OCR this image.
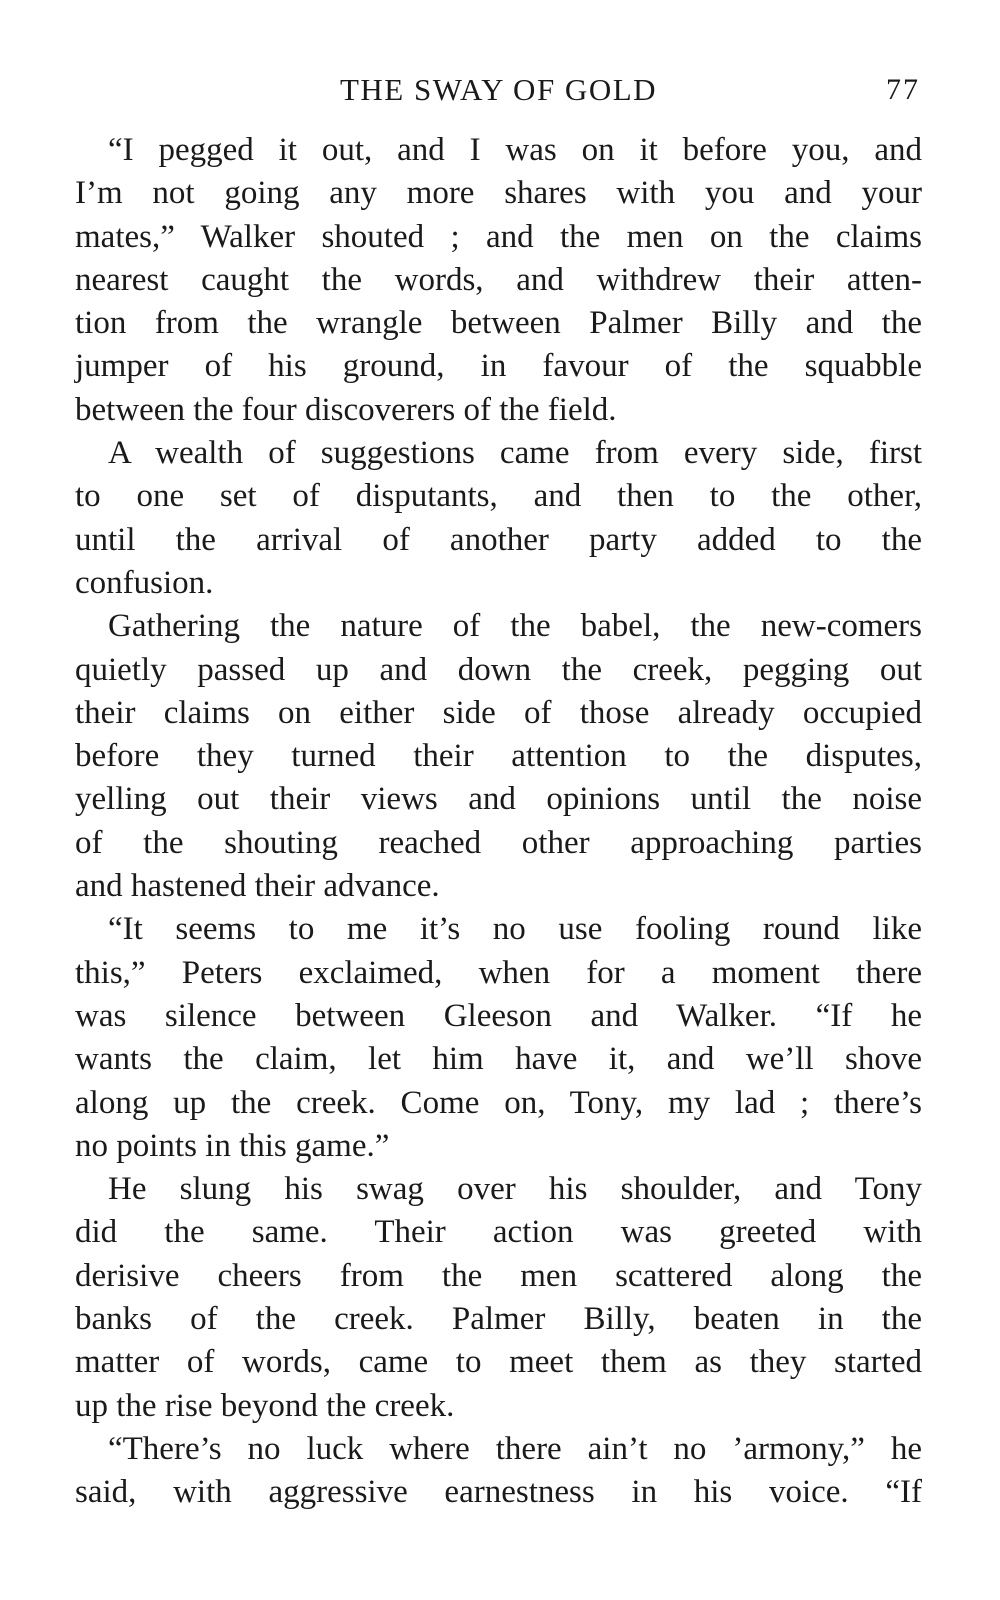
THE SWAY OF GOLD	77

“I pegged it out, and I was on it before you, and
I’m not going any more shares with you and your
mates,” Walker shouted ; and the men on the claims
nearest caught the words, and withdrew their atten-
tion from the wrangle between Palmer Billy and the
jumper of his ground, in favour of the squabble
between the four discoverers of the field.

A wealth of suggestions came from every side, first
to one set of disputants, and then to the other,
until the arrival of another party added to the
confusion.

Gathering the nature of the babel, the new-comers
quietly passed up and down the creek, pegging out
their claims on either side of those already occupied
before they turned their attention to the disputes,
yelling out their views and opinions until the noise
of the shouting reached other approaching parties
and hastened their advance.

“It seems to me it’s no use fooling round like
this,” Peters exclaimed, when for a moment there
was silence between Gleeson and Walker. “If he
wants the claim, let him have it, and we’ll shove
along up the creek. Come on, Tony, my lad ; there’s
no points in this game.”

He slung his swag over his shoulder, and Tony
did the same. Their action was greeted with
derisive cheers from the men scattered along the
banks of the creek. Palmer Billy, beaten in the
matter of words, came to meet them as they started
up the rise beyond the creek.

“There’s no luck where there ain’t no ’armony,” he
said, with aggressive earnestness in his voice. “If
